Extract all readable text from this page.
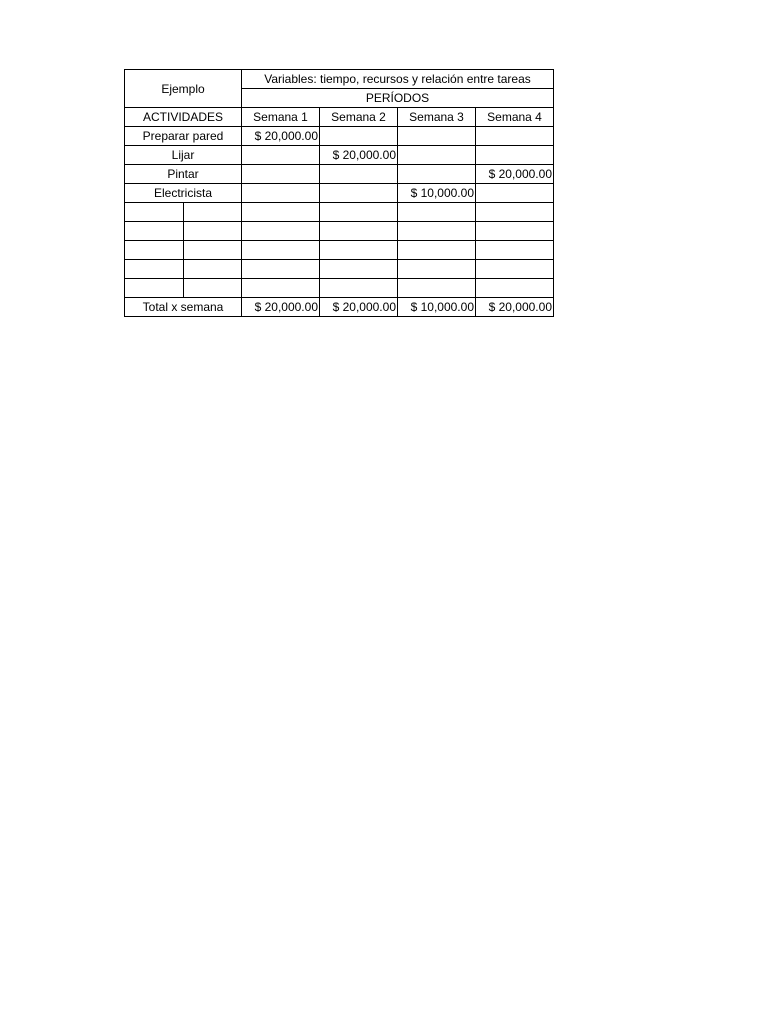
Ejemplo		Variables: tiempo, recursos y relación entre tareas			
		PERÍODOS			
ACTIVIDADES		Semana 1	Semana 2	Semana 3	Semana 4
Preparar pared		$ 20,000.00			
Lijar			$ 20,000.00		
Pintar					$ 20,000.00
Electricista				$ 10,000.00	

Total x semana		$ 20,000.00	$ 20,000.00	$ 10,000.00	$ 20,000.00
